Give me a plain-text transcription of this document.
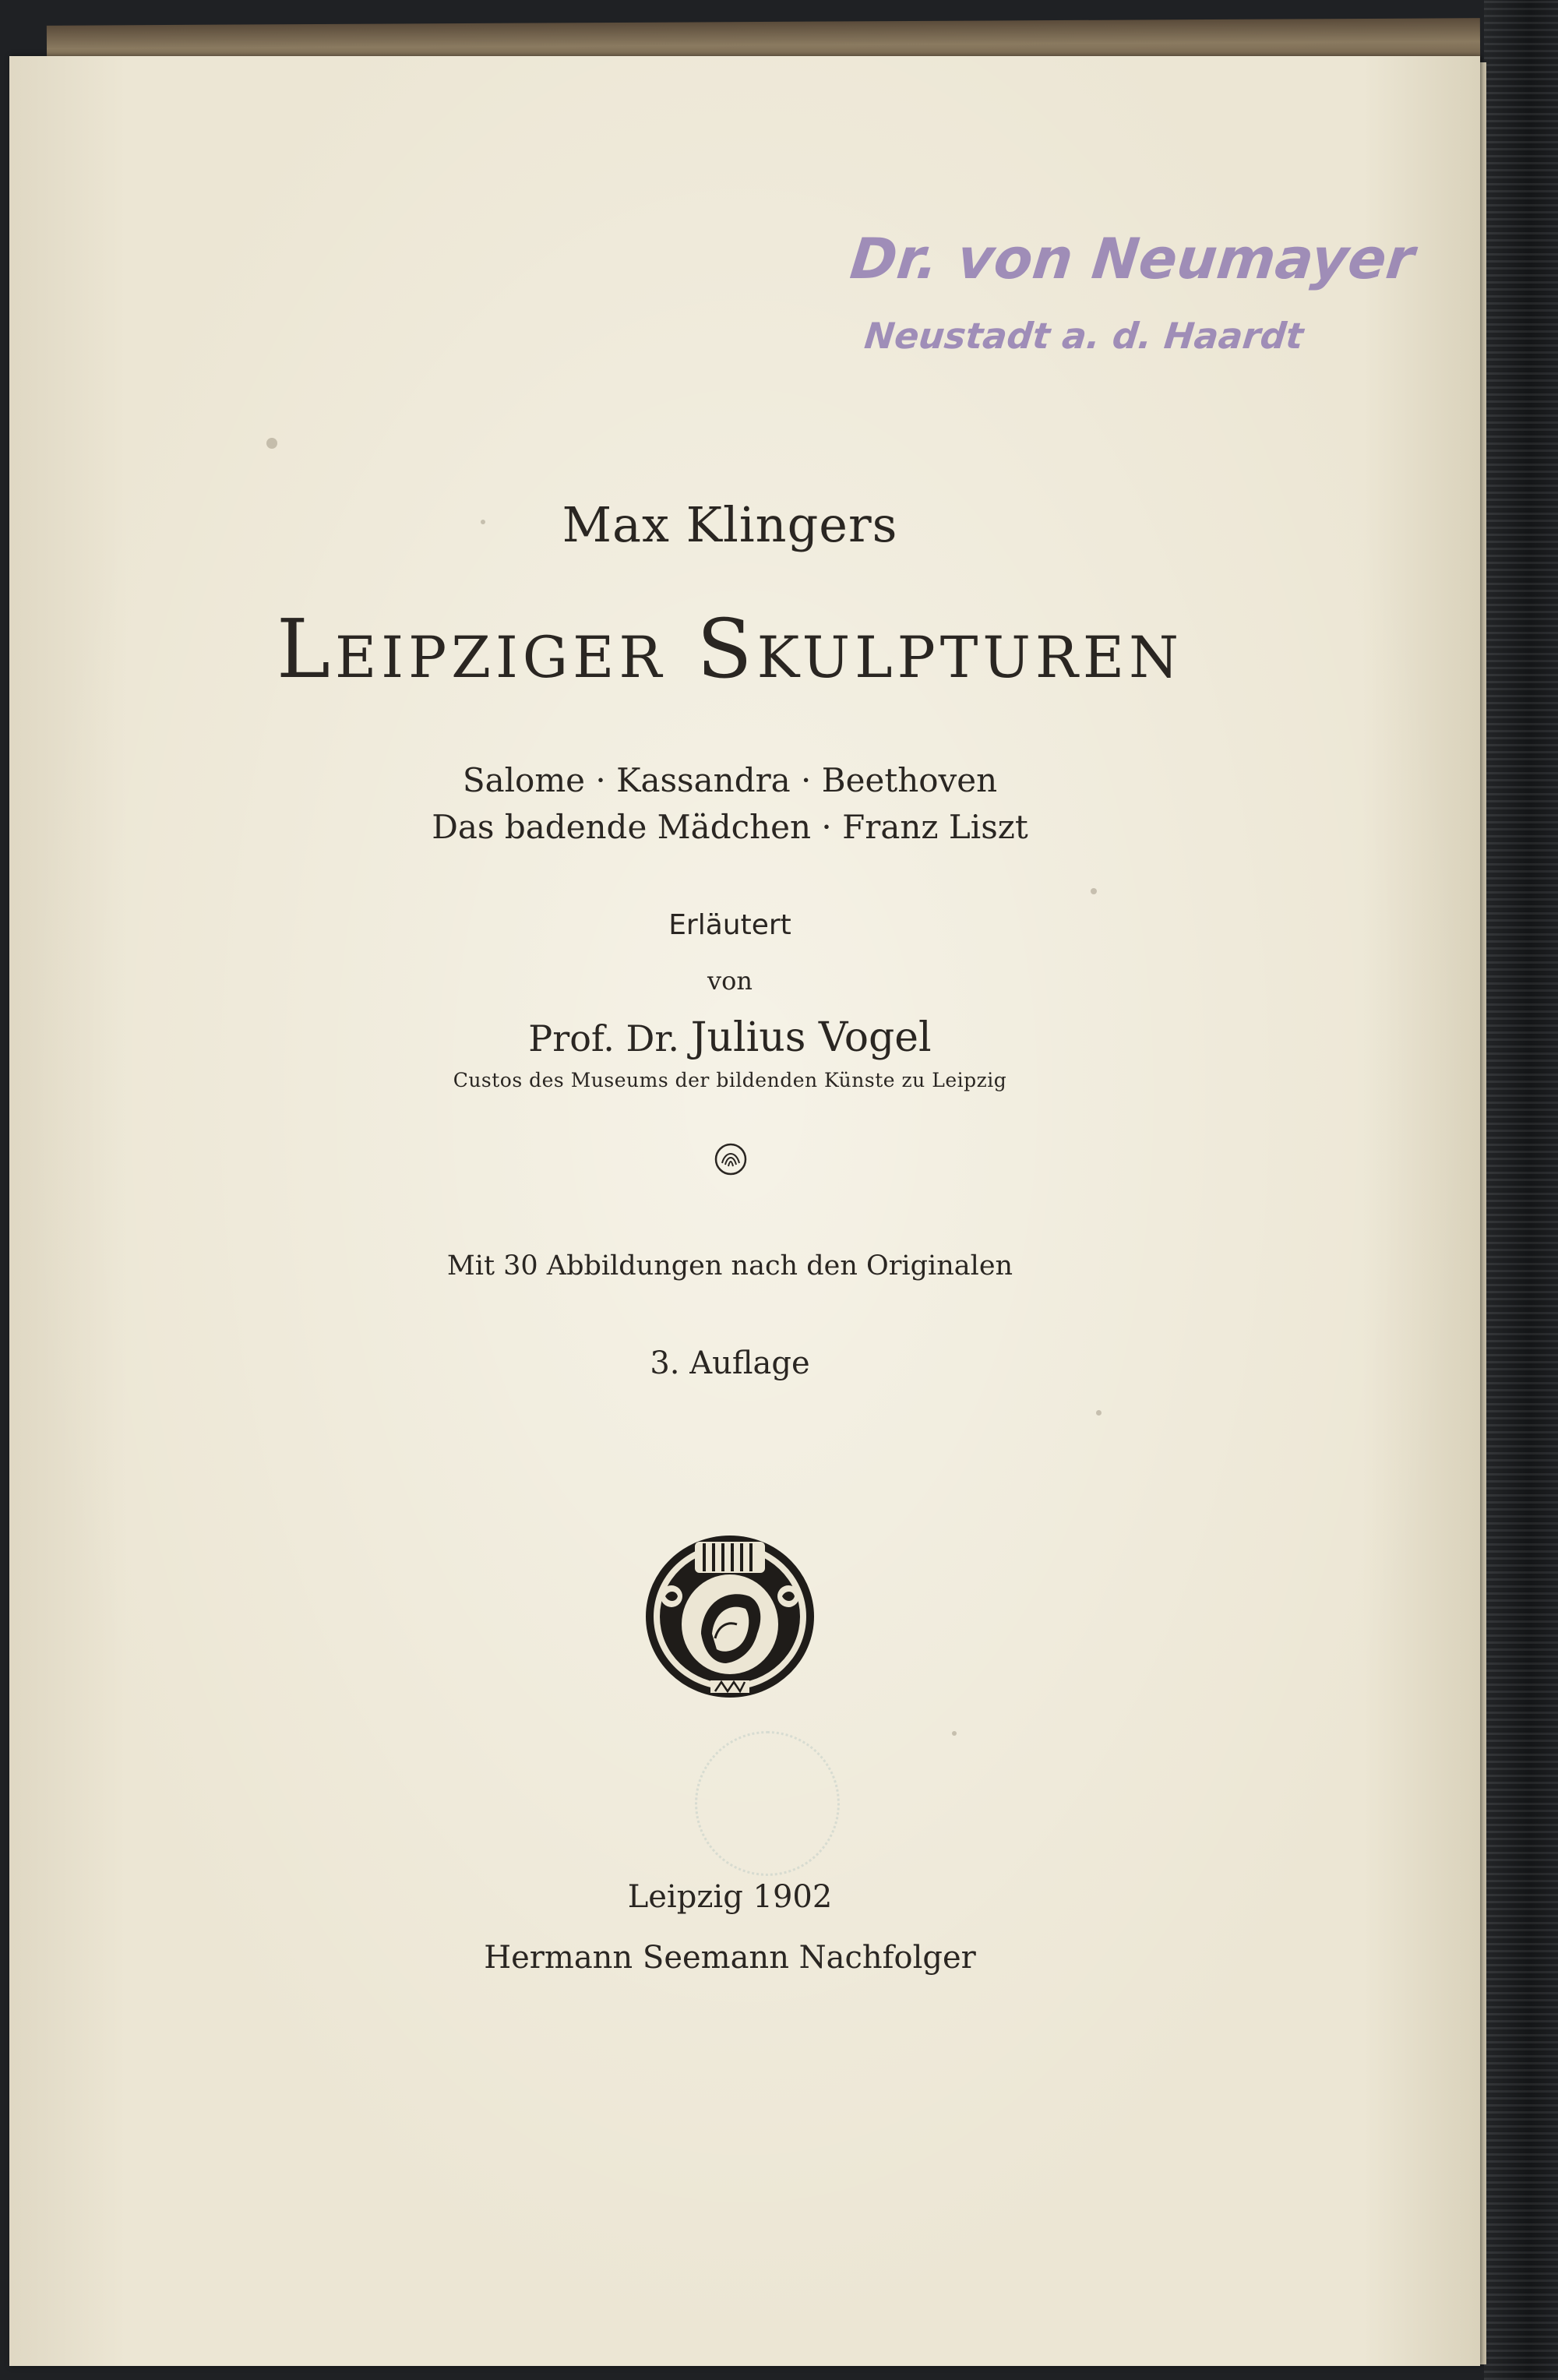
Dr. von Neumayer
Neustadt a. d. Haardt
Max Klingers
Leipziger Skulpturen
Salome · Kassandra · Beethoven
Das badende Mädchen · Franz Liszt
Erläutert
von
Prof. Dr. Julius Vogel
Custos des Museums der bildenden Künste zu Leipzig
Mit 30 Abbildungen nach den Originalen
3. Auflage
Leipzig 1902
Hermann Seemann Nachfolger
